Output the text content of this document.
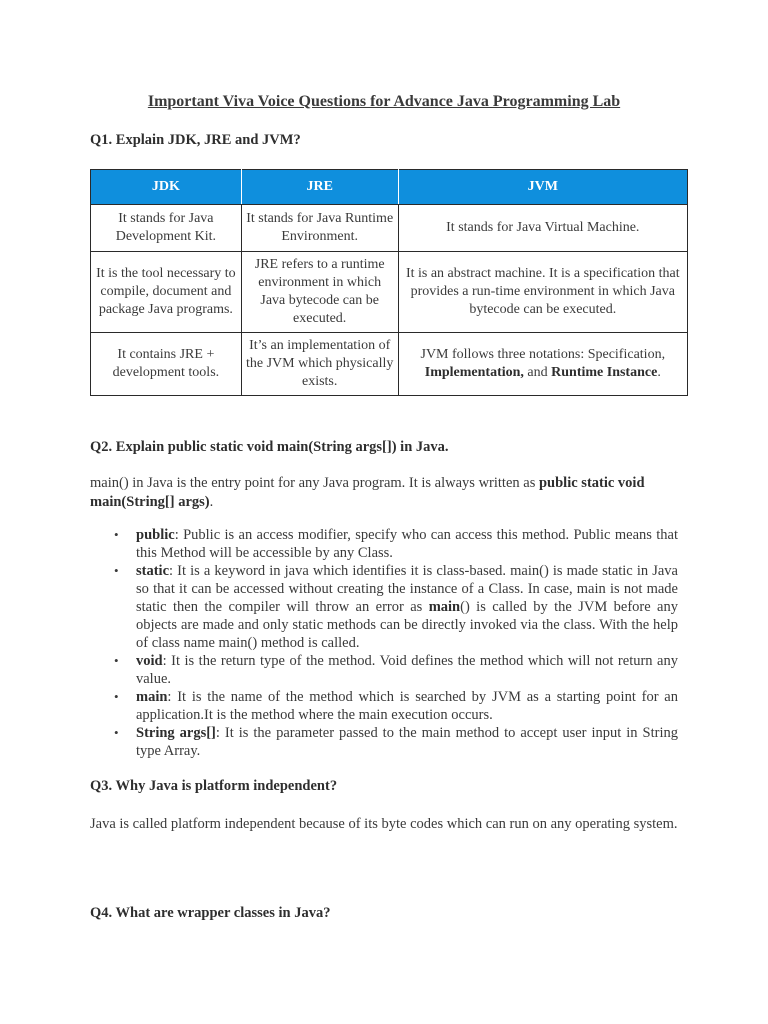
Important Viva Voice Questions for Advance Java Programming Lab
Q1. Explain JDK, JRE and JVM?
JDK	JRE	JVM
It stands for Java Development Kit.	It stands for Java Runtime Environment.	It stands for Java Virtual Machine.
It is the tool necessary to compile, document and package Java programs.	JRE refers to a runtime environment in which Java bytecode can be executed.	It is an abstract machine. It is a specification that provides a run-time environment in which Java bytecode can be executed.
It contains JRE + development tools.	It’s an implementation of the JVM which physically exists.	JVM follows three notations: Specification, Implementation, and Runtime Instance.
Q2. Explain public static void main(String args[]) in Java.
main() in Java is the entry point for any Java program. It is always written as public static void main(String[] args).
• public: Public is an access modifier, specify who can access this method. Public means that this Method will be accessible by any Class.
• static: It is a keyword in java which identifies it is class-based. main() is made static in Java so that it can be accessed without creating the instance of a Class. In case, main is not made static then the compiler will throw an error as main() is called by the JVM before any objects are made and only static methods can be directly invoked via the class. With the help of class name main() method is called.
• void: It is the return type of the method. Void defines the method which will not return any value.
• main: It is the name of the method which is searched by JVM as a starting point for an application.It is the method where the main execution occurs.
• String args[]: It is the parameter passed to the main method to accept user input in String type Array.
Q3. Why Java is platform independent?
Java is called platform independent because of its byte codes which can run on any operating system.
Q4. What are wrapper classes in Java?
